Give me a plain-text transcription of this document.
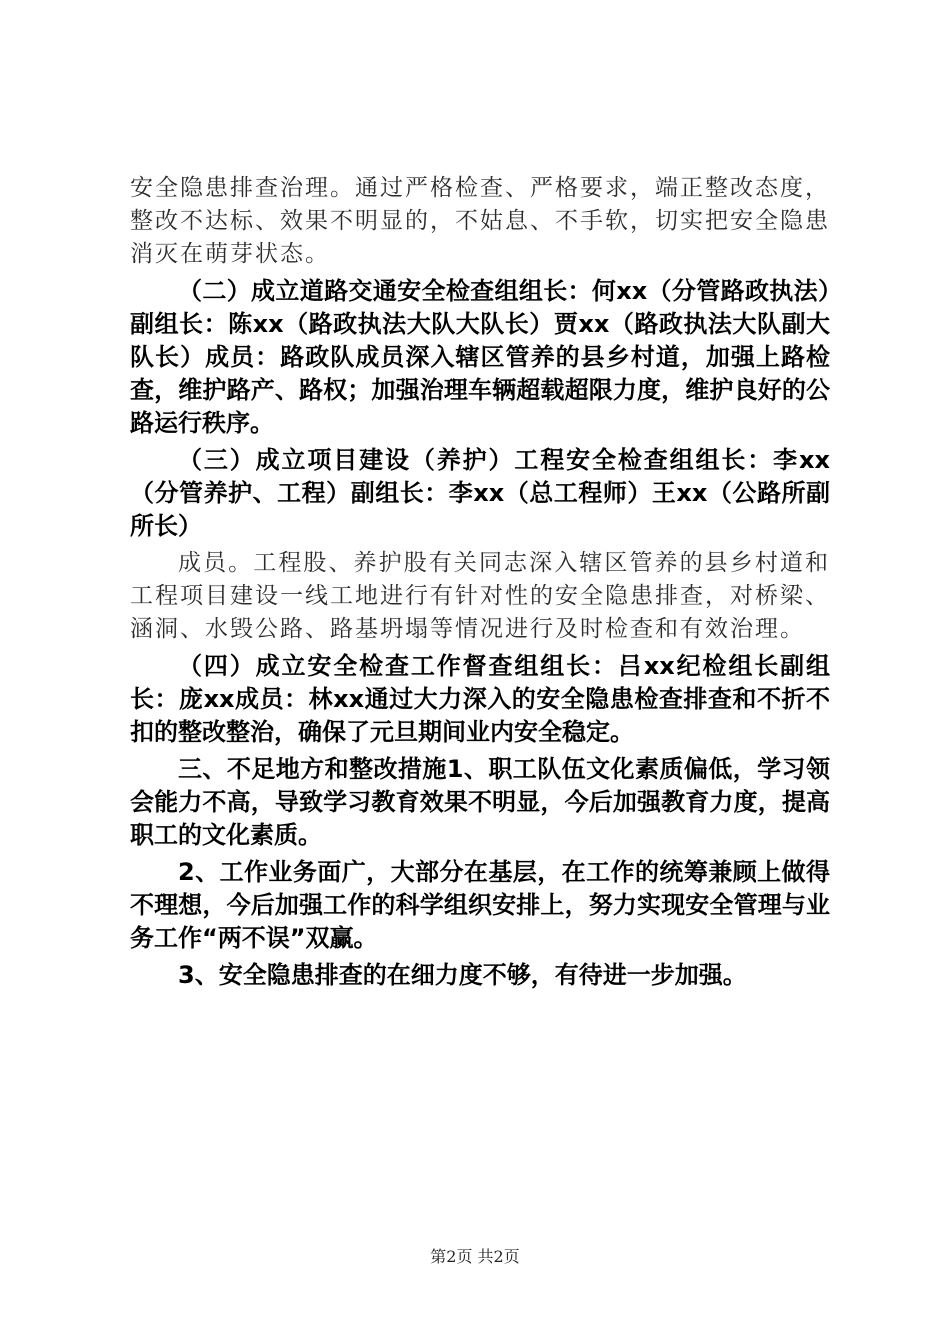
安全隐患排查治理。通过严格检查、严格要求，端正整改态度，整改不达标、效果不明显的，不姑息、不手软，切实把安全隐患消灭在萌芽状态。

（二）成立道路交通安全检查组组长：何xx（分管路政执法）副组长：陈xx（路政执法大队大队长）贾xx（路政执法大队副大队长）成员：路政队成员深入辖区管养的县乡村道，加强上路检查，维护路产、路权；加强治理车辆超载超限力度，维护良好的公路运行秩序。

（三）成立项目建设（养护）工程安全检查组组长：李xx（分管养护、工程）副组长：李xx（总工程师）王xx（公路所副所长）

成员。工程股、养护股有关同志深入辖区管养的县乡村道和工程项目建设一线工地进行有针对性的安全隐患排查，对桥梁、涵洞、水毁公路、路基坍塌等情况进行及时检查和有效治理。

（四）成立安全检查工作督查组组长：吕xx纪检组长副组长：庞xx成员：林xx通过大力深入的安全隐患检查排查和不折不扣的整改整治，确保了元旦期间业内安全稳定。

三、不足地方和整改措施1、职工队伍文化素质偏低，学习领会能力不高，导致学习教育效果不明显，今后加强教育力度，提高职工的文化素质。

2、工作业务面广，大部分在基层，在工作的统筹兼顾上做得不理想，今后加强工作的科学组织安排上，努力实现安全管理与业务工作“两不误”双赢。

3、安全隐患排查的在细力度不够，有待进一步加强。

第2页 共2页
